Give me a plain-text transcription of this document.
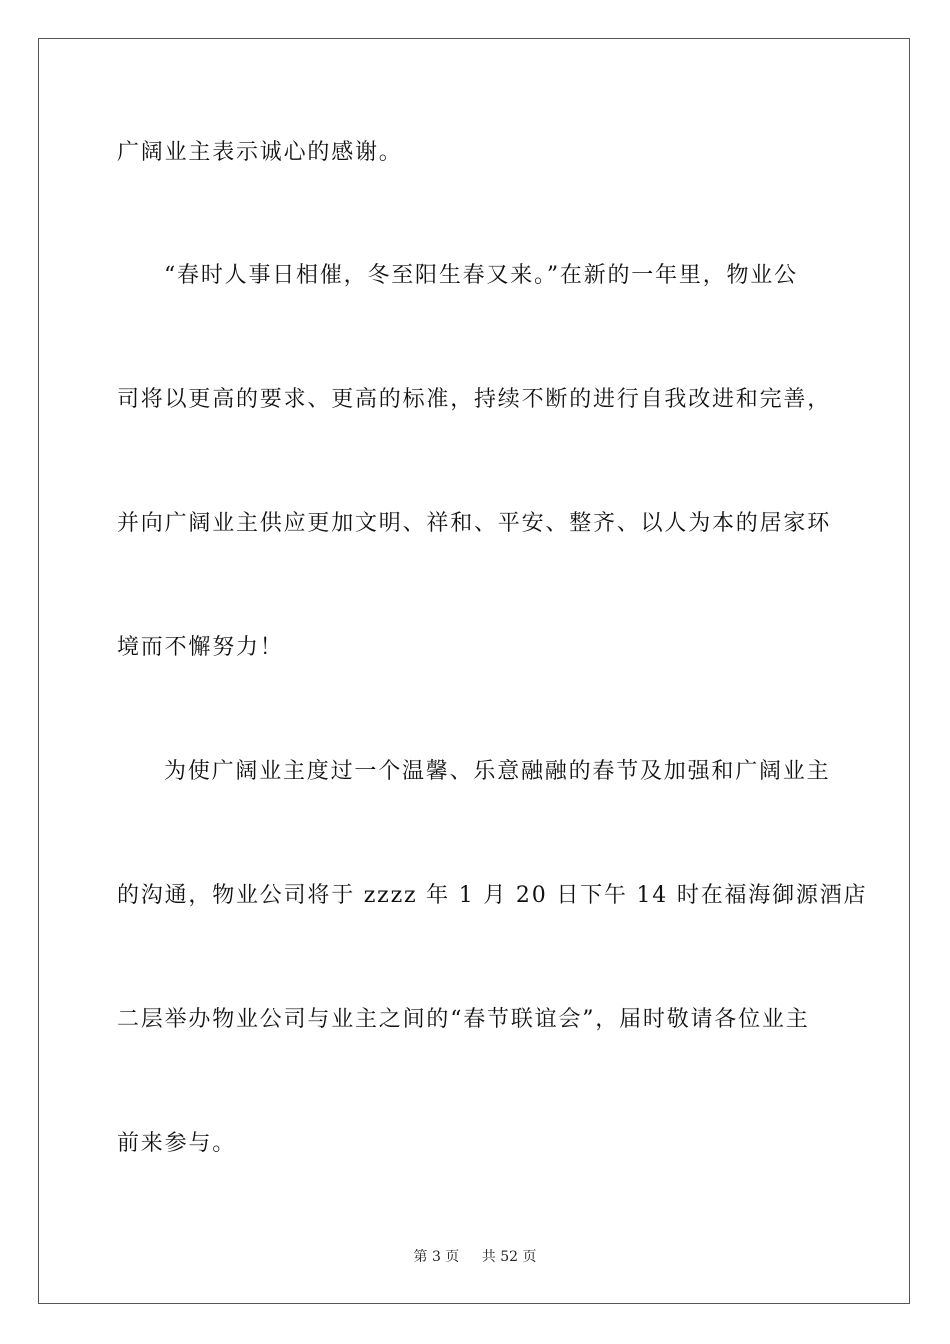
广阔业主表示诚心的感谢。
“春时人事日相催，冬至阳生春又来。”在新的一年里，物业公
司将以更高的要求、更高的标准，持续不断的进行自我改进和完善，
并向广阔业主供应更加文明、祥和、平安、整齐、以人为本的居家环
境而不懈努力！
为使广阔业主度过一个温馨、乐意融融的春节及加强和广阔业主
的沟通，物业公司将于 zzzz 年 1 月 20 日下午 14 时在福海御源酒店
二层举办物业公司与业主之间的“春节联谊会”，届时敬请各位业主
前来参与。
第 3 页 共 52 页
